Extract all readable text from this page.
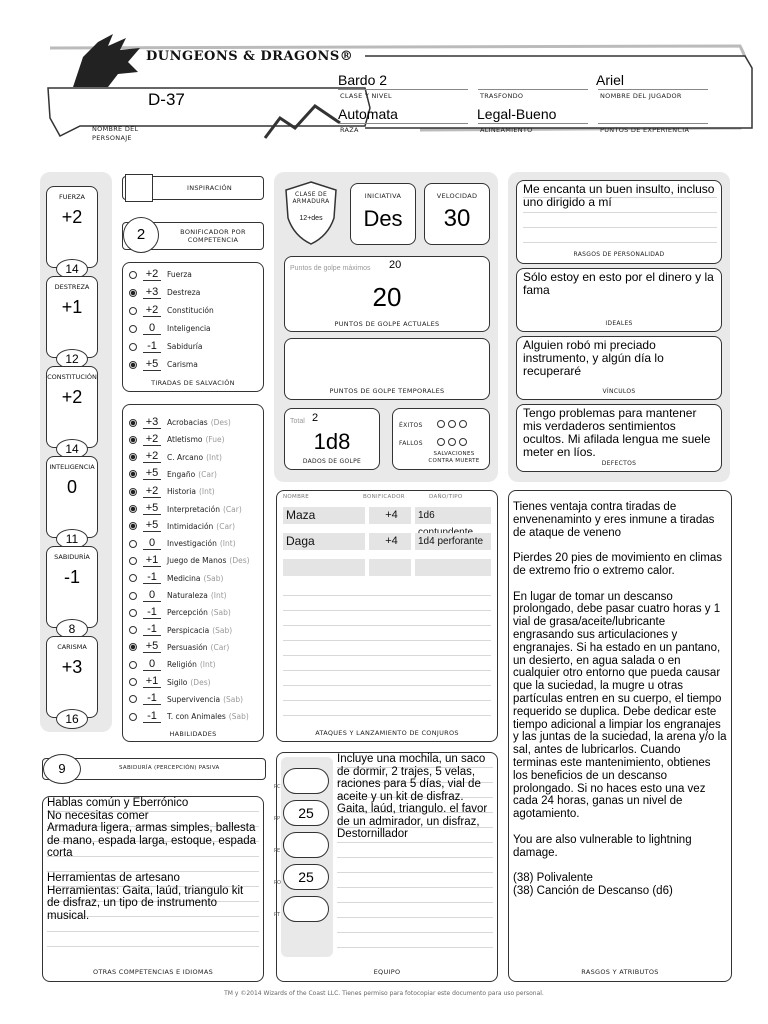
DUNGEONS & DRAGONS®
D-37
NOMBRE DEL PERSONAJE
Bardo 2
CLASE Y NIVEL	TRASFONDO
Ariel
NOMBRE DEL JUGADOR
Automata
RAZA
Legal-Bueno
ALINEAMIENTO	PUNTOS DE EXPERIENCIA
FUERZA
+2
14
DESTREZA
+1
12
CONSTITUCIÓN
+2
14
INTELIGENCIA
0
11
SABIDURÍA
-1
8
CARISMA
+3
16
INSPIRACIÓN
2	BONIFICADOR POR COMPETENCIA
+2	Fuerza
+3	Destreza
+2	Constitución
0	Inteligencia
-1	Sabiduría
+5	Carisma
TIRADAS DE SALVACIÓN
+3	Acrobacias (Des)
+2	Atletismo (Fue)
+2	C. Arcano (Int)
+5	Engaño (Car)
+2	Historia (Int)
+5	Interpretación (Car)
+5	Intimidación (Car)
0	Investigación (Int)
+1	Juego de Manos (Des)
-1	Medicina (Sab)
0	Naturaleza (Int)
-1	Percepción (Sab)
-1	Perspicacia (Sab)
+5	Persuasión (Car)
0	Religión (Int)
+1	Sigilo (Des)
-1	Supervivencia (Sab)
-1	T. con Animales (Sab)
HABILIDADES
9	SABIDURÍA (PERCEPCIÓN) PASIVA
Hablas común y Eberrónico
No necesitas comer
Armadura ligera, armas simples, ballesta de mano, espada larga, estoque, espada corta

Herramientas de artesano
Herramientas: Gaita, laúd, triangulo kit de disfraz, un tipo de instrumento musical.
OTRAS COMPETENCIAS E IDIOMAS
CLASE DE ARMADURA
12+des
INICIATIVA
Des
VELOCIDAD
30
Puntos de golpe máximos 20
20
PUNTOS DE GOLPE ACTUALES
PUNTOS DE GOLPE TEMPORALES
Total 2
1d8
DADOS DE GOLPE
ÉXITOS
FALLOS
SALVACIONES CONTRA MUERTE
NOMBRE	BONIFICADOR	DAÑO/TIPO
Maza	+4	1d6
Daga	+4	1d4 perforante
ATAQUES Y LANZAMIENTO DE CONJUROS
Incluye una mochila, un saco de dormir, 2 trajes, 5 velas, raciones para 5 días, vial de aceite y un kit de disfraz. Gaita, laúd, triangulo. el favor de un admirador, un disfraz, Destornillador
EQUIPO
PC
PP 25
PE
PO 25
PT
Me encanta un buen insulto, incluso uno dirigido a mí
RASGOS DE PERSONALIDAD
Sólo estoy en esto por el dinero y la fama
IDEALES
Alguien robó mi preciado instrumento, y algún día lo recuperaré
VÍNCULOS
Tengo problemas para mantener mis verdaderos sentimientos ocultos. Mi afilada lengua me suele meter en líos.
DEFECTOS
Tienes ventaja contra tiradas de envenenaminto y eres inmune a tiradas de ataque de veneno
Pierdes 20 pies de movimiento en climas de extremo frio o extremo calor.
En lugar de tomar un descanso prolongado, debe pasar cuatro horas y 1 vial de grasa/aceite/lubricante engrasando sus articulaciones y engranajes. Si ha estado en un pantano, un desierto, en agua salada o en cualquier otro entorno que pueda causar que la suciedad, la mugre u otras partículas entren en su cuerpo, el tiempo requerido se duplica. Debe dedicar este tiempo adicional a limpiar los engranajes y las juntas de la suciedad, la arena y/o la sal, antes de lubricarlos. Cuando terminas este mantenimiento, obtienes los beneficios de un descanso prolongado. Si no haces esto una vez cada 24 horas, ganas un nivel de agotamiento.
You are also vulnerable to lightning damage.
(38) Polivalente
(38) Canción de Descanso (d6)
RASGOS Y ATRIBUTOS
TM y ©2014 Wizards of the Coast LLC. Tienes permiso para fotocopiar este documento para uso personal.
